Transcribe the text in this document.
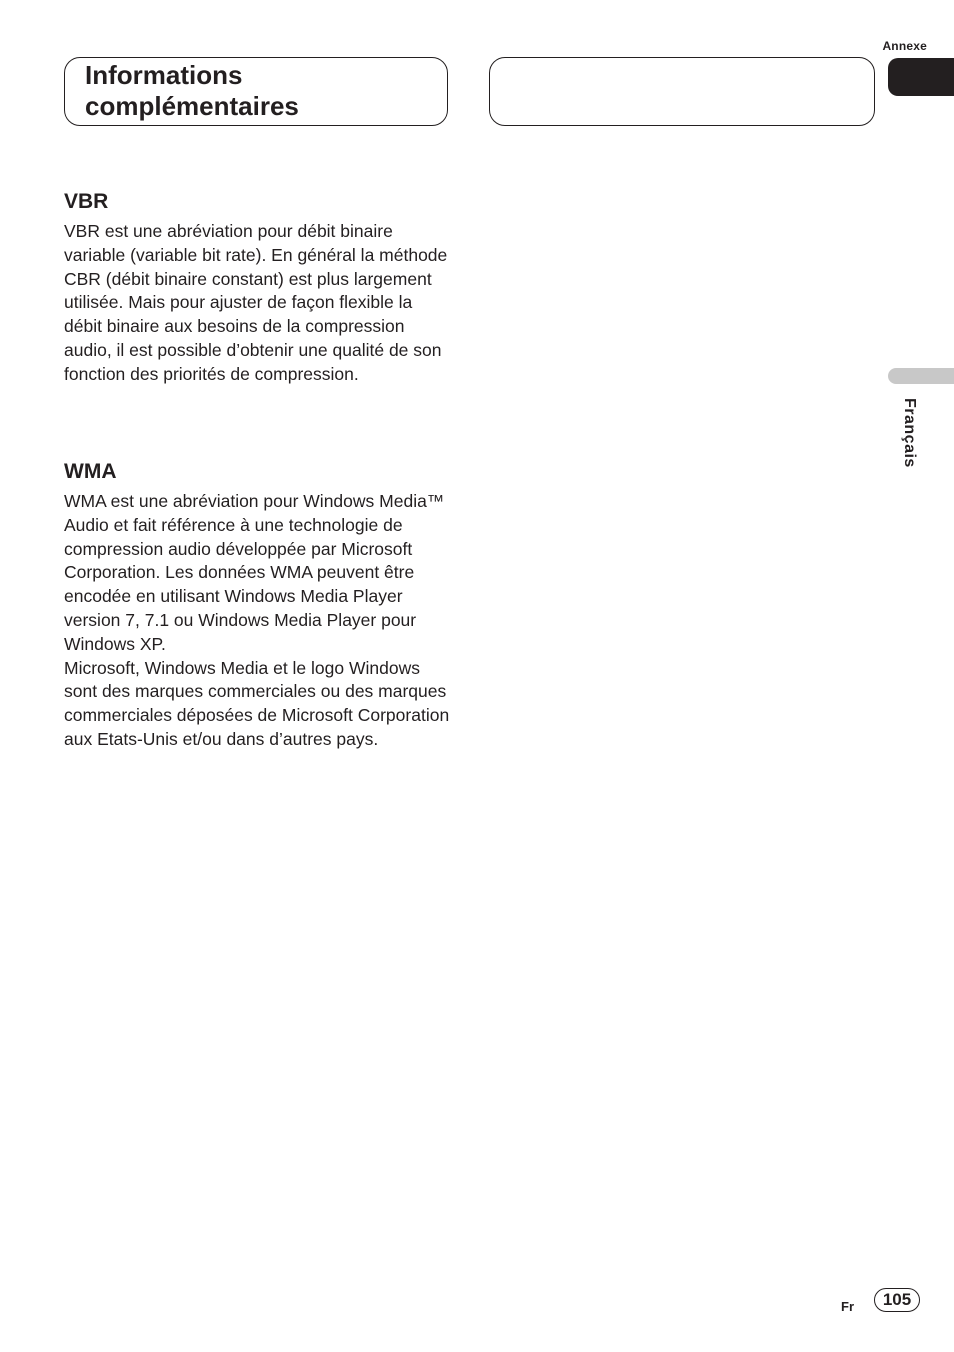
Annexe
Informations
complémentaires
VBR

VBR est une abréviation pour débit binaire variable (variable bit rate). En général la méthode CBR (débit binaire constant) est plus largement utilisée. Mais pour ajuster de façon flexible la débit binaire aux besoins de la compression audio, il est possible d’obtenir une qualité de son fonction des priorités de compression.

WMA

WMA est une abréviation pour Windows Media™ Audio et fait référence à une technologie de compression audio développée par Microsoft Corporation. Les données WMA peuvent être encodée en utilisant Windows Media Player version 7, 7.1 ou Windows Media Player pour Windows XP.

Microsoft, Windows Media et le logo Windows sont des marques commerciales ou des marques commerciales déposées de Microsoft Corporation aux Etats-Unis et/ou dans d’autres pays.

Français
Fr	105
